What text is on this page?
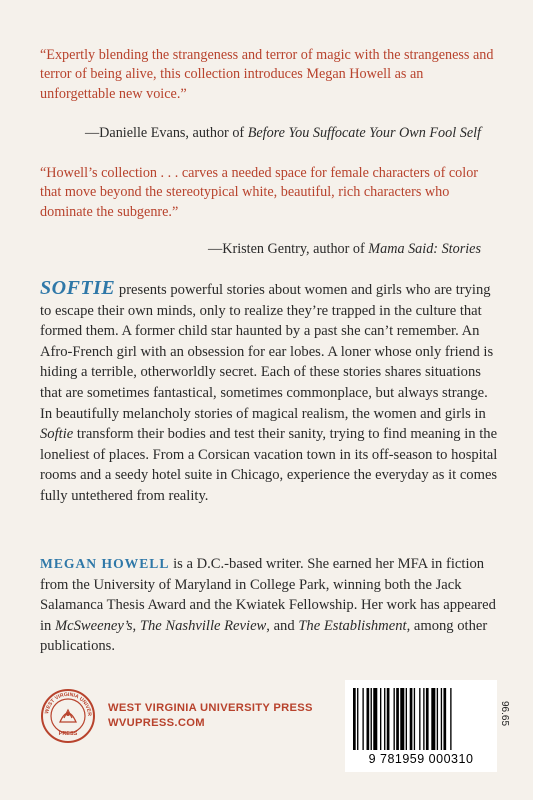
“Expertly blending the strangeness and terror of magic with the strangeness and terror of being alive, this collection introduces Megan Howell as an unforgettable new voice.”
—Danielle Evans, author of Before You Suffocate Your Own Fool Self
“Howell’s collection . . . carves a needed space for female characters of color that move beyond the stereotypical white, beautiful, rich characters who dominate the subgenre.”
—Kristen Gentry, author of Mama Said: Stories
SOFTIE presents powerful stories about women and girls who are trying to escape their own minds, only to realize they’re trapped in the culture that formed them. A former child star haunted by a past she can’t remember. An Afro-French girl with an obsession for ear lobes. A loner whose only friend is hiding a terrible, otherworldly secret. Each of these stories shares situations that are sometimes fantastical, sometimes commonplace, but always strange. In beautifully melancholy stories of magical realism, the women and girls in Softie transform their bodies and test their sanity, trying to find meaning in the loneliest of places. From a Corsican vacation town in its off-season to hospital rooms and a seedy hotel suite in Chicago, experience the everyday as it comes fully untethered from reality.
MEGAN HOWELL is a D.C.-based writer. She earned her MFA in fiction from the University of Maryland in College Park, winning both the Jack Salamanca Thesis Award and the Kwiatek Fellowship. Her work has appeared in McSweeney’s, The Nashville Review, and The Establishment, among other publications.
WEST VIRGINIA UNIVER
PRESS
WEST VIRGINIA UNIVERSITY PRESS
WVUPRESS.COM
9 781959 000310
96.65
